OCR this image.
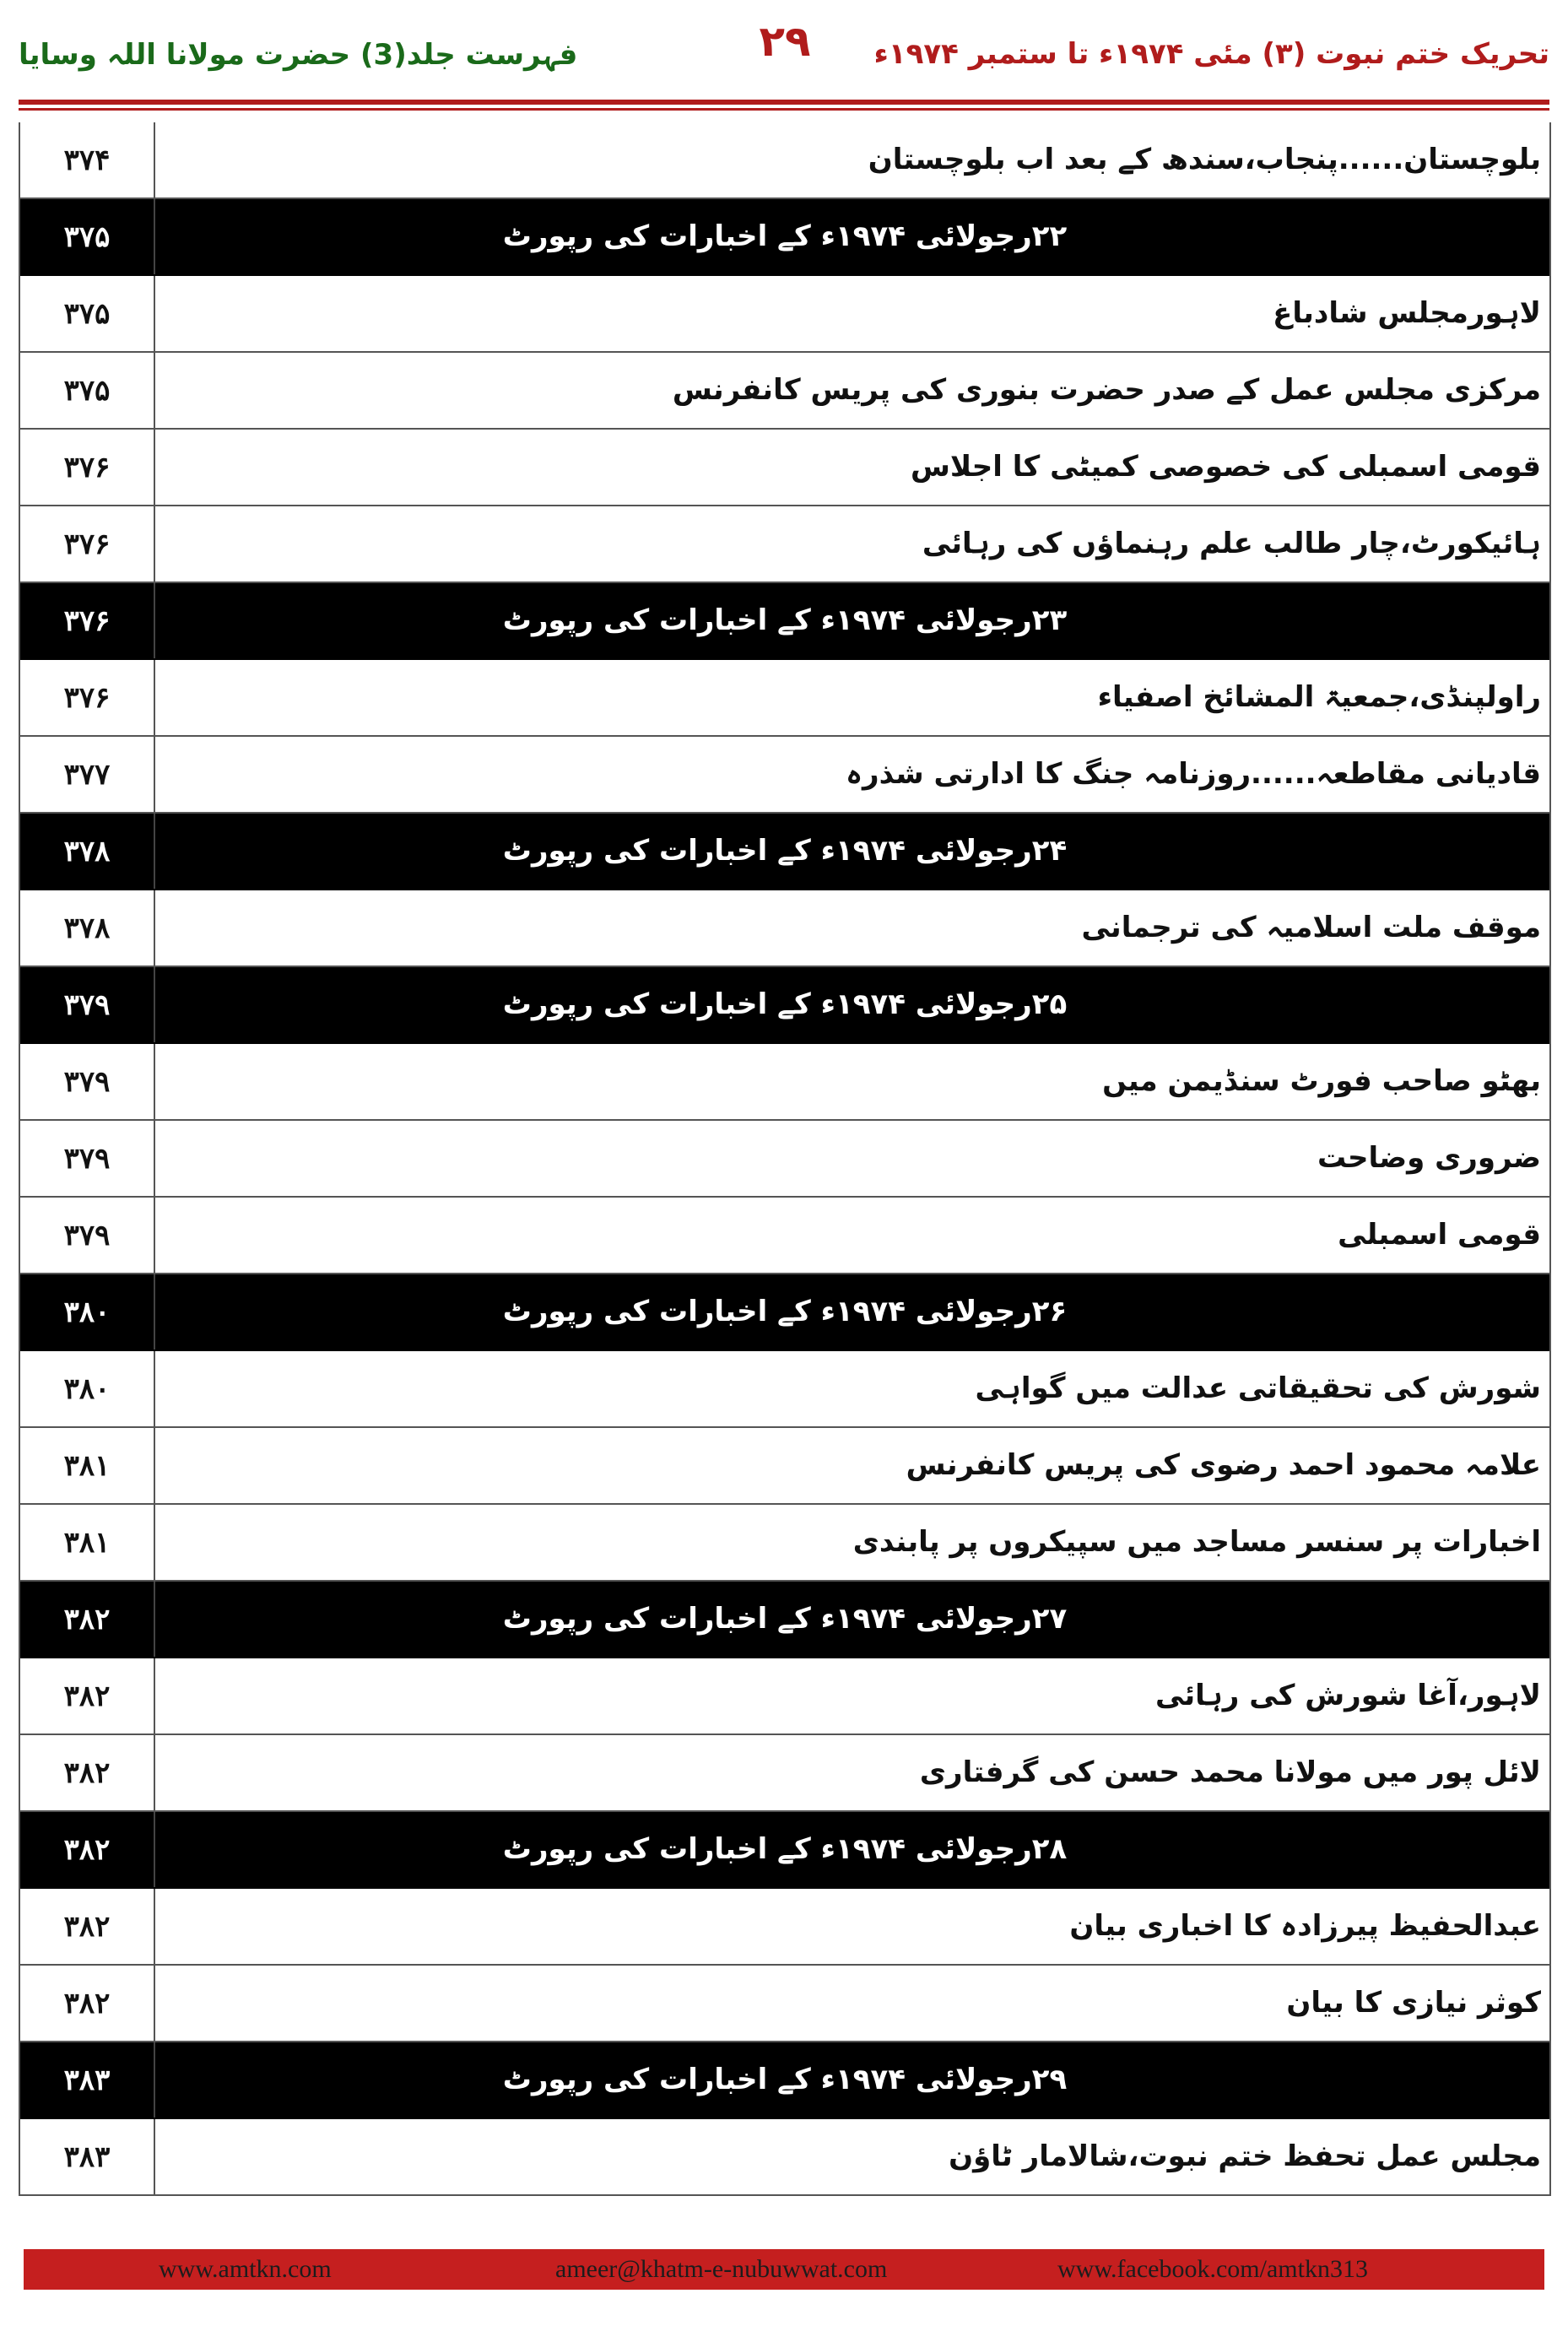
فہرست جلد(3) حضرت مولانا اللہ وسایا	۲۹	تحریک ختم نبوت (۳) مئی ۱۹۷۴ء تا ستمبر ۱۹۷۴ء
۳۷۴	بلوچستان......پنجاب،سندھ کے بعد اب بلوچستان
۳۷۵	۲۲رجولائی ۱۹۷۴ء کے اخبارات کی رپورٹ
۳۷۵	لاہورمجلس شادباغ
۳۷۵	مرکزی مجلس عمل کے صدر حضرت بنوری کی پریس کانفرنس
۳۷۶	قومی اسمبلی کی خصوصی کمیٹی کا اجلاس
۳۷۶	ہائیکورٹ،چار طالب علم رہنماؤں کی رہائی
۳۷۶	۲۳رجولائی ۱۹۷۴ء کے اخبارات کی رپورٹ
۳۷۶	راولپنڈی،جمعیۃ المشائخ اصفیاء
۳۷۷	قادیانی مقاطعہ......روزنامہ جنگ کا ادارتی شذرہ
۳۷۸	۲۴رجولائی ۱۹۷۴ء کے اخبارات کی رپورٹ
۳۷۸	موقف ملت اسلامیہ کی ترجمانی
۳۷۹	۲۵رجولائی ۱۹۷۴ء کے اخبارات کی رپورٹ
۳۷۹	بھٹو صاحب فورٹ سنڈیمن میں
۳۷۹	ضروری وضاحت
۳۷۹	قومی اسمبلی
۳۸۰	۲۶رجولائی ۱۹۷۴ء کے اخبارات کی رپورٹ
۳۸۰	شورش کی تحقیقاتی عدالت میں گواہی
۳۸۱	علامہ محمود احمد رضوی کی پریس کانفرنس
۳۸۱	اخبارات پر سنسر مساجد میں سپیکروں پر پابندی
۳۸۲	۲۷رجولائی ۱۹۷۴ء کے اخبارات کی رپورٹ
۳۸۲	لاہور،آغا شورش کی رہائی
۳۸۲	لائل پور میں مولانا محمد حسن کی گرفتاری
۳۸۲	۲۸رجولائی ۱۹۷۴ء کے اخبارات کی رپورٹ
۳۸۲	عبدالحفیظ پیرزادہ کا اخباری بیان
۳۸۲	کوثر نیازی کا بیان
۳۸۳	۲۹رجولائی ۱۹۷۴ء کے اخبارات کی رپورٹ
۳۸۳	مجلس عمل تحفظ ختم نبوت،شالامار ٹاؤن
www.amtkn.com	ameer@khatm-e-nubuwwat.com	www.facebook.com/amtkn313
